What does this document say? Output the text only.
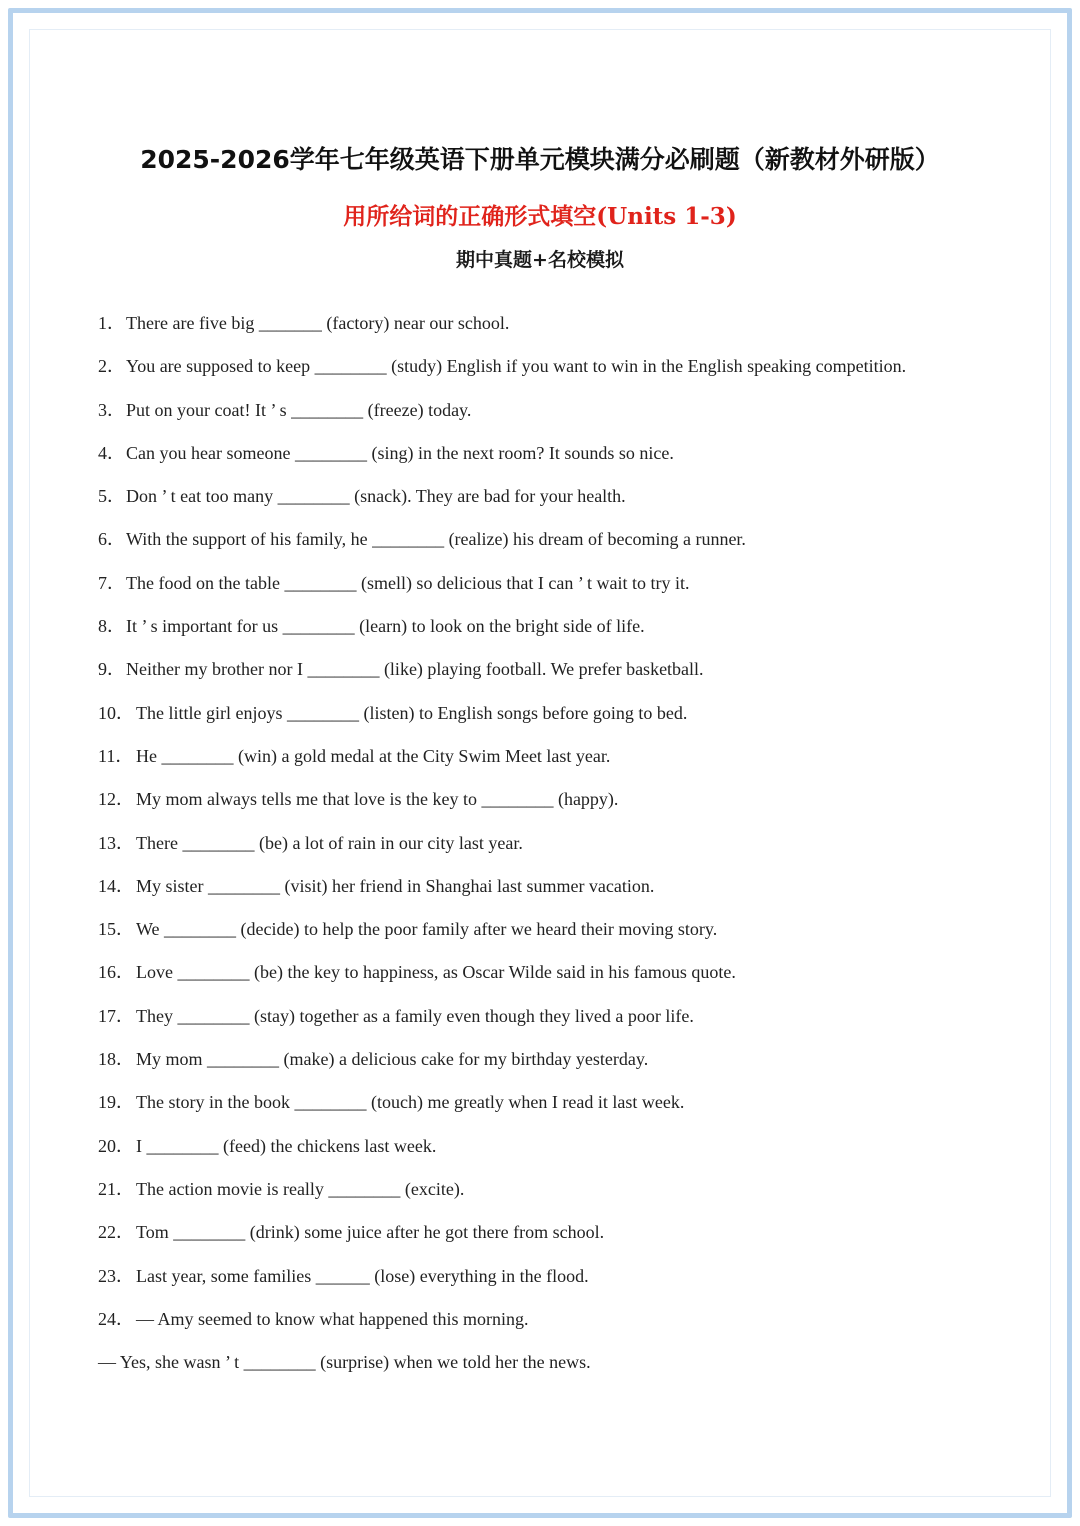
2025-2026学年七年级英语下册单元模块满分必刷题（新教材外研版）
用所给词的正确形式填空(Units 1-3)
期中真题+名校模拟
1．There are five big _______ (factory) near our school.
2．You are supposed to keep ________ (study) English if you want to win in the English speaking competition.
3．Put on your coat! It ’ s ________ (freeze) today.
4．Can you hear someone ________ (sing) in the next room? It sounds so nice.
5．Don ’ t eat too many ________ (snack). They are bad for your health.
6．With the support of his family, he ________ (realize) his dream of becoming a runner.
7．The food on the table ________ (smell) so delicious that I can ’ t wait to try it.
8．It ’ s important for us ________ (learn) to look on the bright side of life.
9．Neither my brother nor I ________ (like) playing football. We prefer basketball.
10． The little girl enjoys ________ (listen) to English songs before going to bed.
11． He ________ (win) a gold medal at the City Swim Meet last year.
12． My mom always tells me that love is the key to ________ (happy).
13． There ________ (be) a lot of rain in our city last year.
14． My sister ________ (visit) her friend in Shanghai last summer vacation.
15． We ________ (decide) to help the poor family after we heard their moving story.
16． Love ________ (be) the key to happiness, as Oscar Wilde said in his famous quote.
17． They ________ (stay) together as a family even though they lived a poor life.
18． My mom ________ (make) a delicious cake for my birthday yesterday.
19． The story in the book ________ (touch) me greatly when I read it last week.
20． I ________ (feed) the chickens last week.
21． The action movie is really ________ (excite).
22． Tom ________ (drink) some juice after he got there from school.
23． Last year, some families ______ (lose) everything in the flood.
24． — Amy seemed to know what happened this morning.
— Yes, she wasn ’ t ________ (surprise) when we told her the news.
